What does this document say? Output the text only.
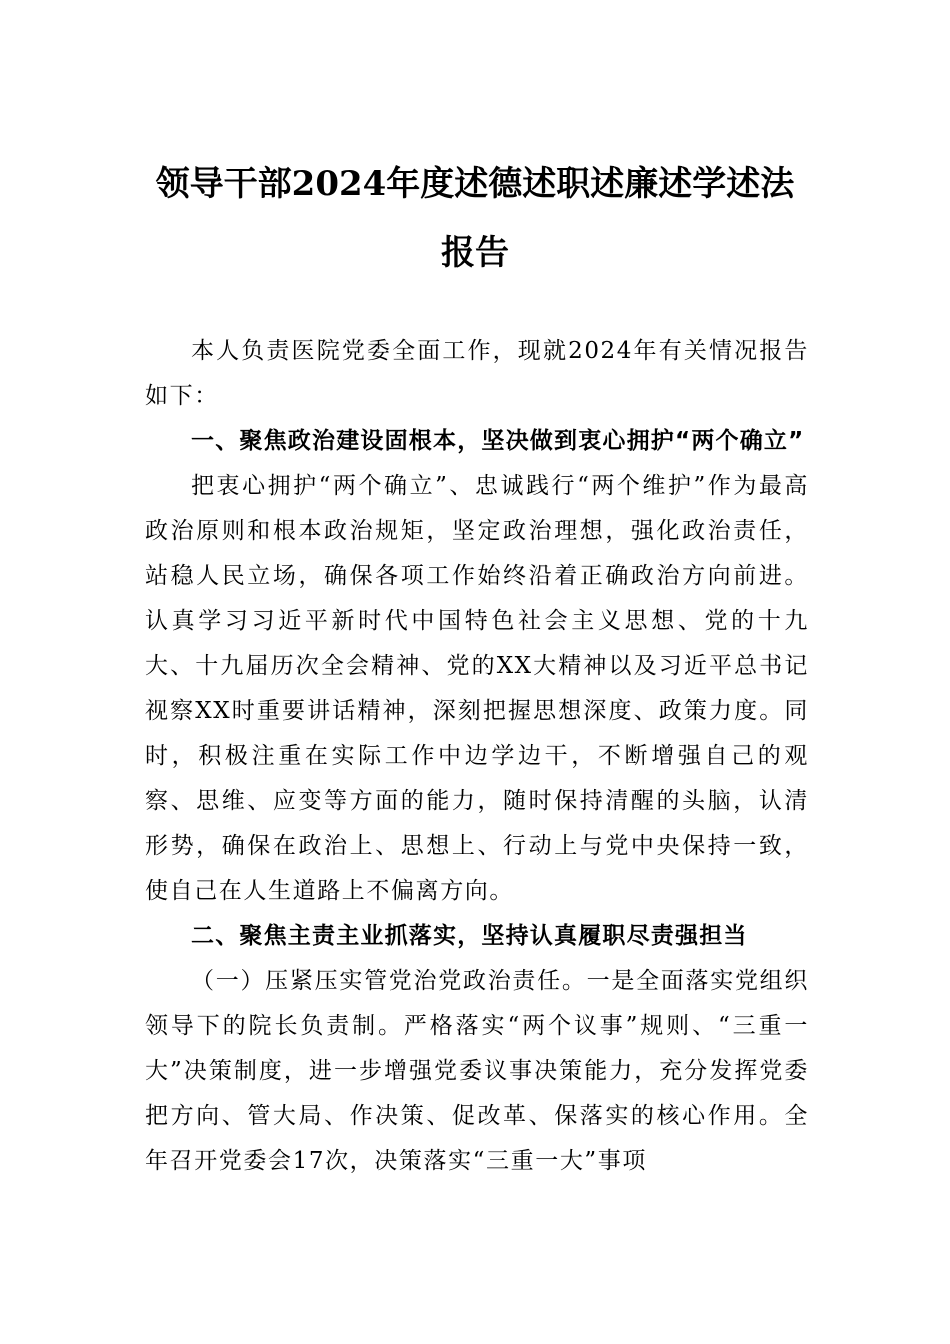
领导干部2024年度述德述职述廉述学述法
报告

本人负责医院党委全面工作，现就2024年有关情况报告如下：

一、聚焦政治建设固根本，坚决做到衷心拥护“两个确立”

把衷心拥护“两个确立”、忠诚践行“两个维护”作为最高政治原则和根本政治规矩，坚定政治理想，强化政治责任，站稳人民立场，确保各项工作始终沿着正确政治方向前进。认真学习习近平新时代中国特色社会主义思想、党的十九大、十九届历次全会精神、党的XX大精神以及习近平总书记视察XX时重要讲话精神，深刻把握思想深度、政策力度。同时，积极注重在实际工作中边学边干，不断增强自己的观察、思维、应变等方面的能力，随时保持清醒的头脑，认清形势，确保在政治上、思想上、行动上与党中央保持一致，使自己在人生道路上不偏离方向。

二、聚焦主责主业抓落实，坚持认真履职尽责强担当

（一）压紧压实管党治党政治责任。一是全面落实党组织领导下的院长负责制。严格落实“两个议事”规则、“三重一大”决策制度，进一步增强党委议事决策能力，充分发挥党委把方向、管大局、作决策、促改革、保落实的核心作用。全年召开党委会17次，决策落实“三重一大”事项
